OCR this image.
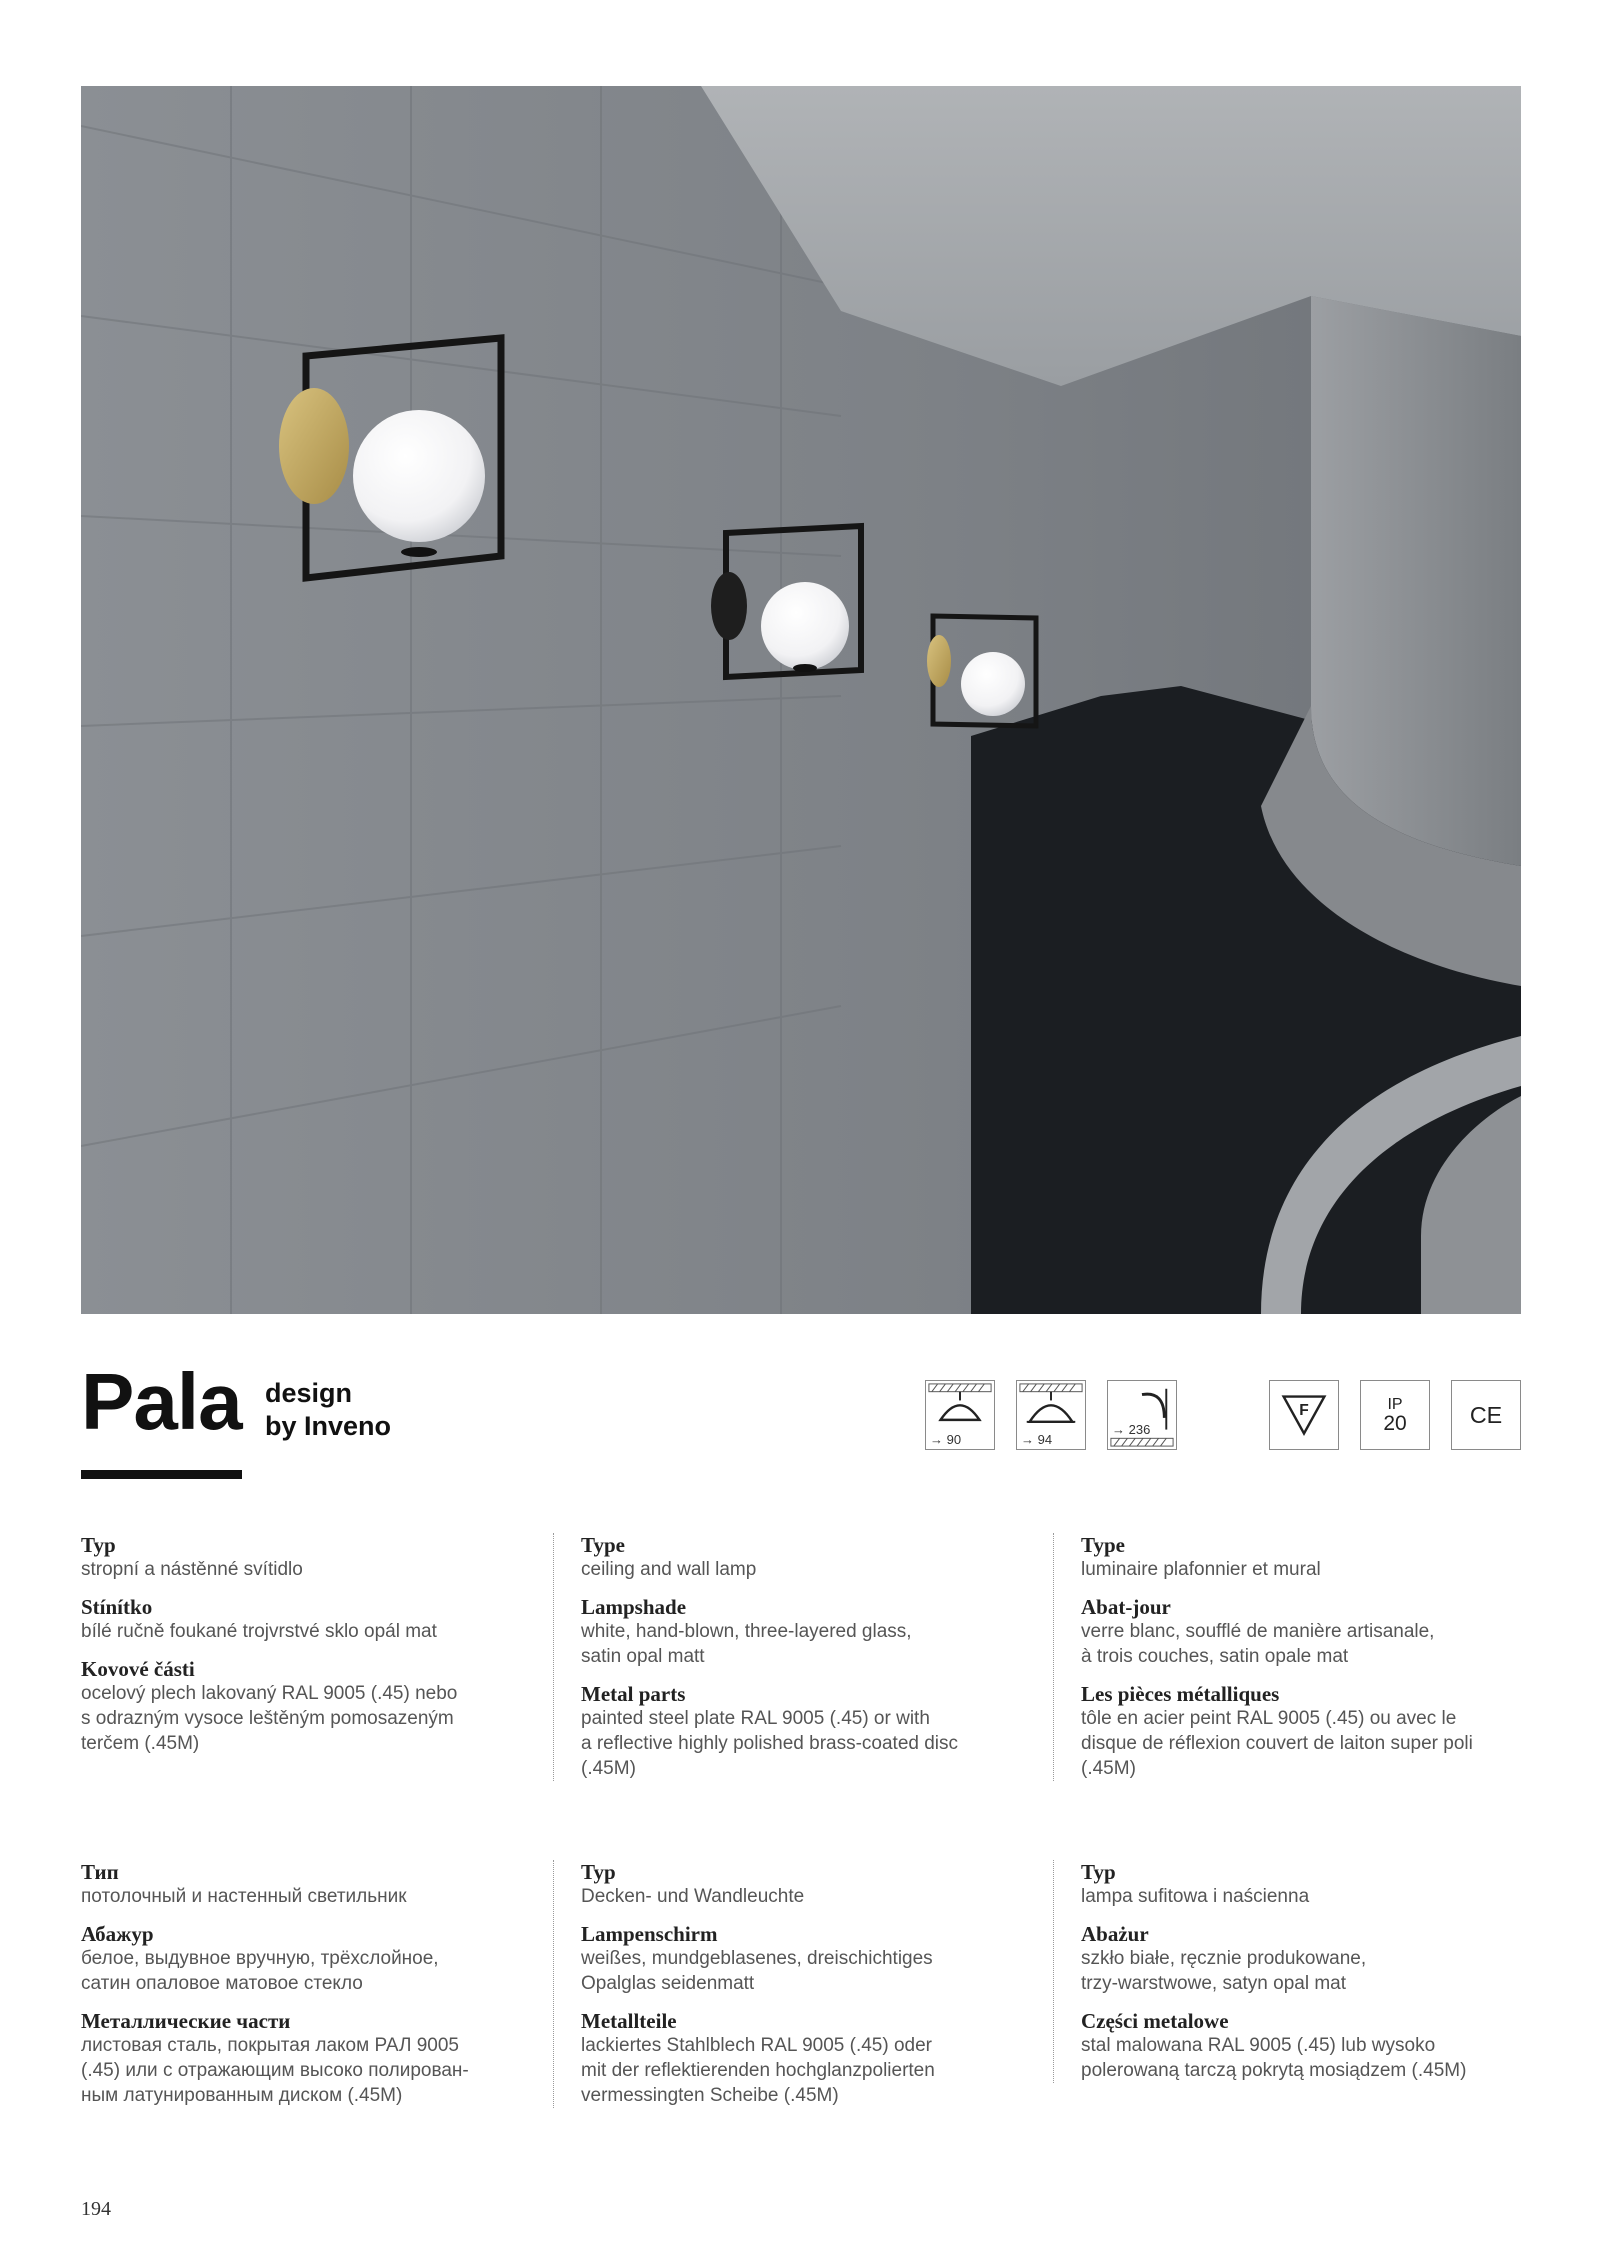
Pala design
by Inveno	→ 90	→ 94
→ 236
F	IP
20	CE
Typ
stropní a nástěnné svítidlo
Stínítko
bílé ručně foukané trojvrstvé sklo opál mat
Kovové části
ocelový plech lakovaný RAL 9005 (.45) nebo
s odrazným vysoce leštěným pomosazeným
terčem (.45M)
Type
ceiling and wall lamp
Lampshade
white, hand-blown, three-layered glass,
satin opal matt
Metal parts
painted steel plate RAL 9005 (.45) or with
a reflective highly polished brass-coated disc
(.45M)
Type
luminaire plafonnier et mural
Abat-jour
verre blanc, soufflé de manière artisanale,
à trois couches, satin opale mat
Les pièces métalliques
tôle en acier peint RAL 9005 (.45) ou avec le
disque de réflexion couvert de laiton super poli
(.45M)
Тип
потолочный и настенный светильник
Абажур
белое, выдувное вручную, трёхслойное,
сатин опаловое матовое стекло
Металлические части
листовая сталь, покрытая лаком РАЛ 9005
(.45) или с отражающим высоко полирован-
ным латунированным диском (.45M)
Typ
Decken- und Wandleuchte
Lampenschirm
weißes, mundgeblasenes, dreischichtiges
Opalglas seidenmatt
Metallteile
lackiertes Stahlblech RAL 9005 (.45) oder
mit der reflektierenden hochglanzpolierten
vermessingten Scheibe (.45M)
Typ
lampa sufitowa i naścienna
Abażur
szkło białe, ręcznie produkowane,
trzy-warstwowe, satyn opal mat
Części metalowe
stal malowana RAL 9005 (.45) lub wysoko
polerowaną tarczą pokrytą mosiądzem (.45M)
194
